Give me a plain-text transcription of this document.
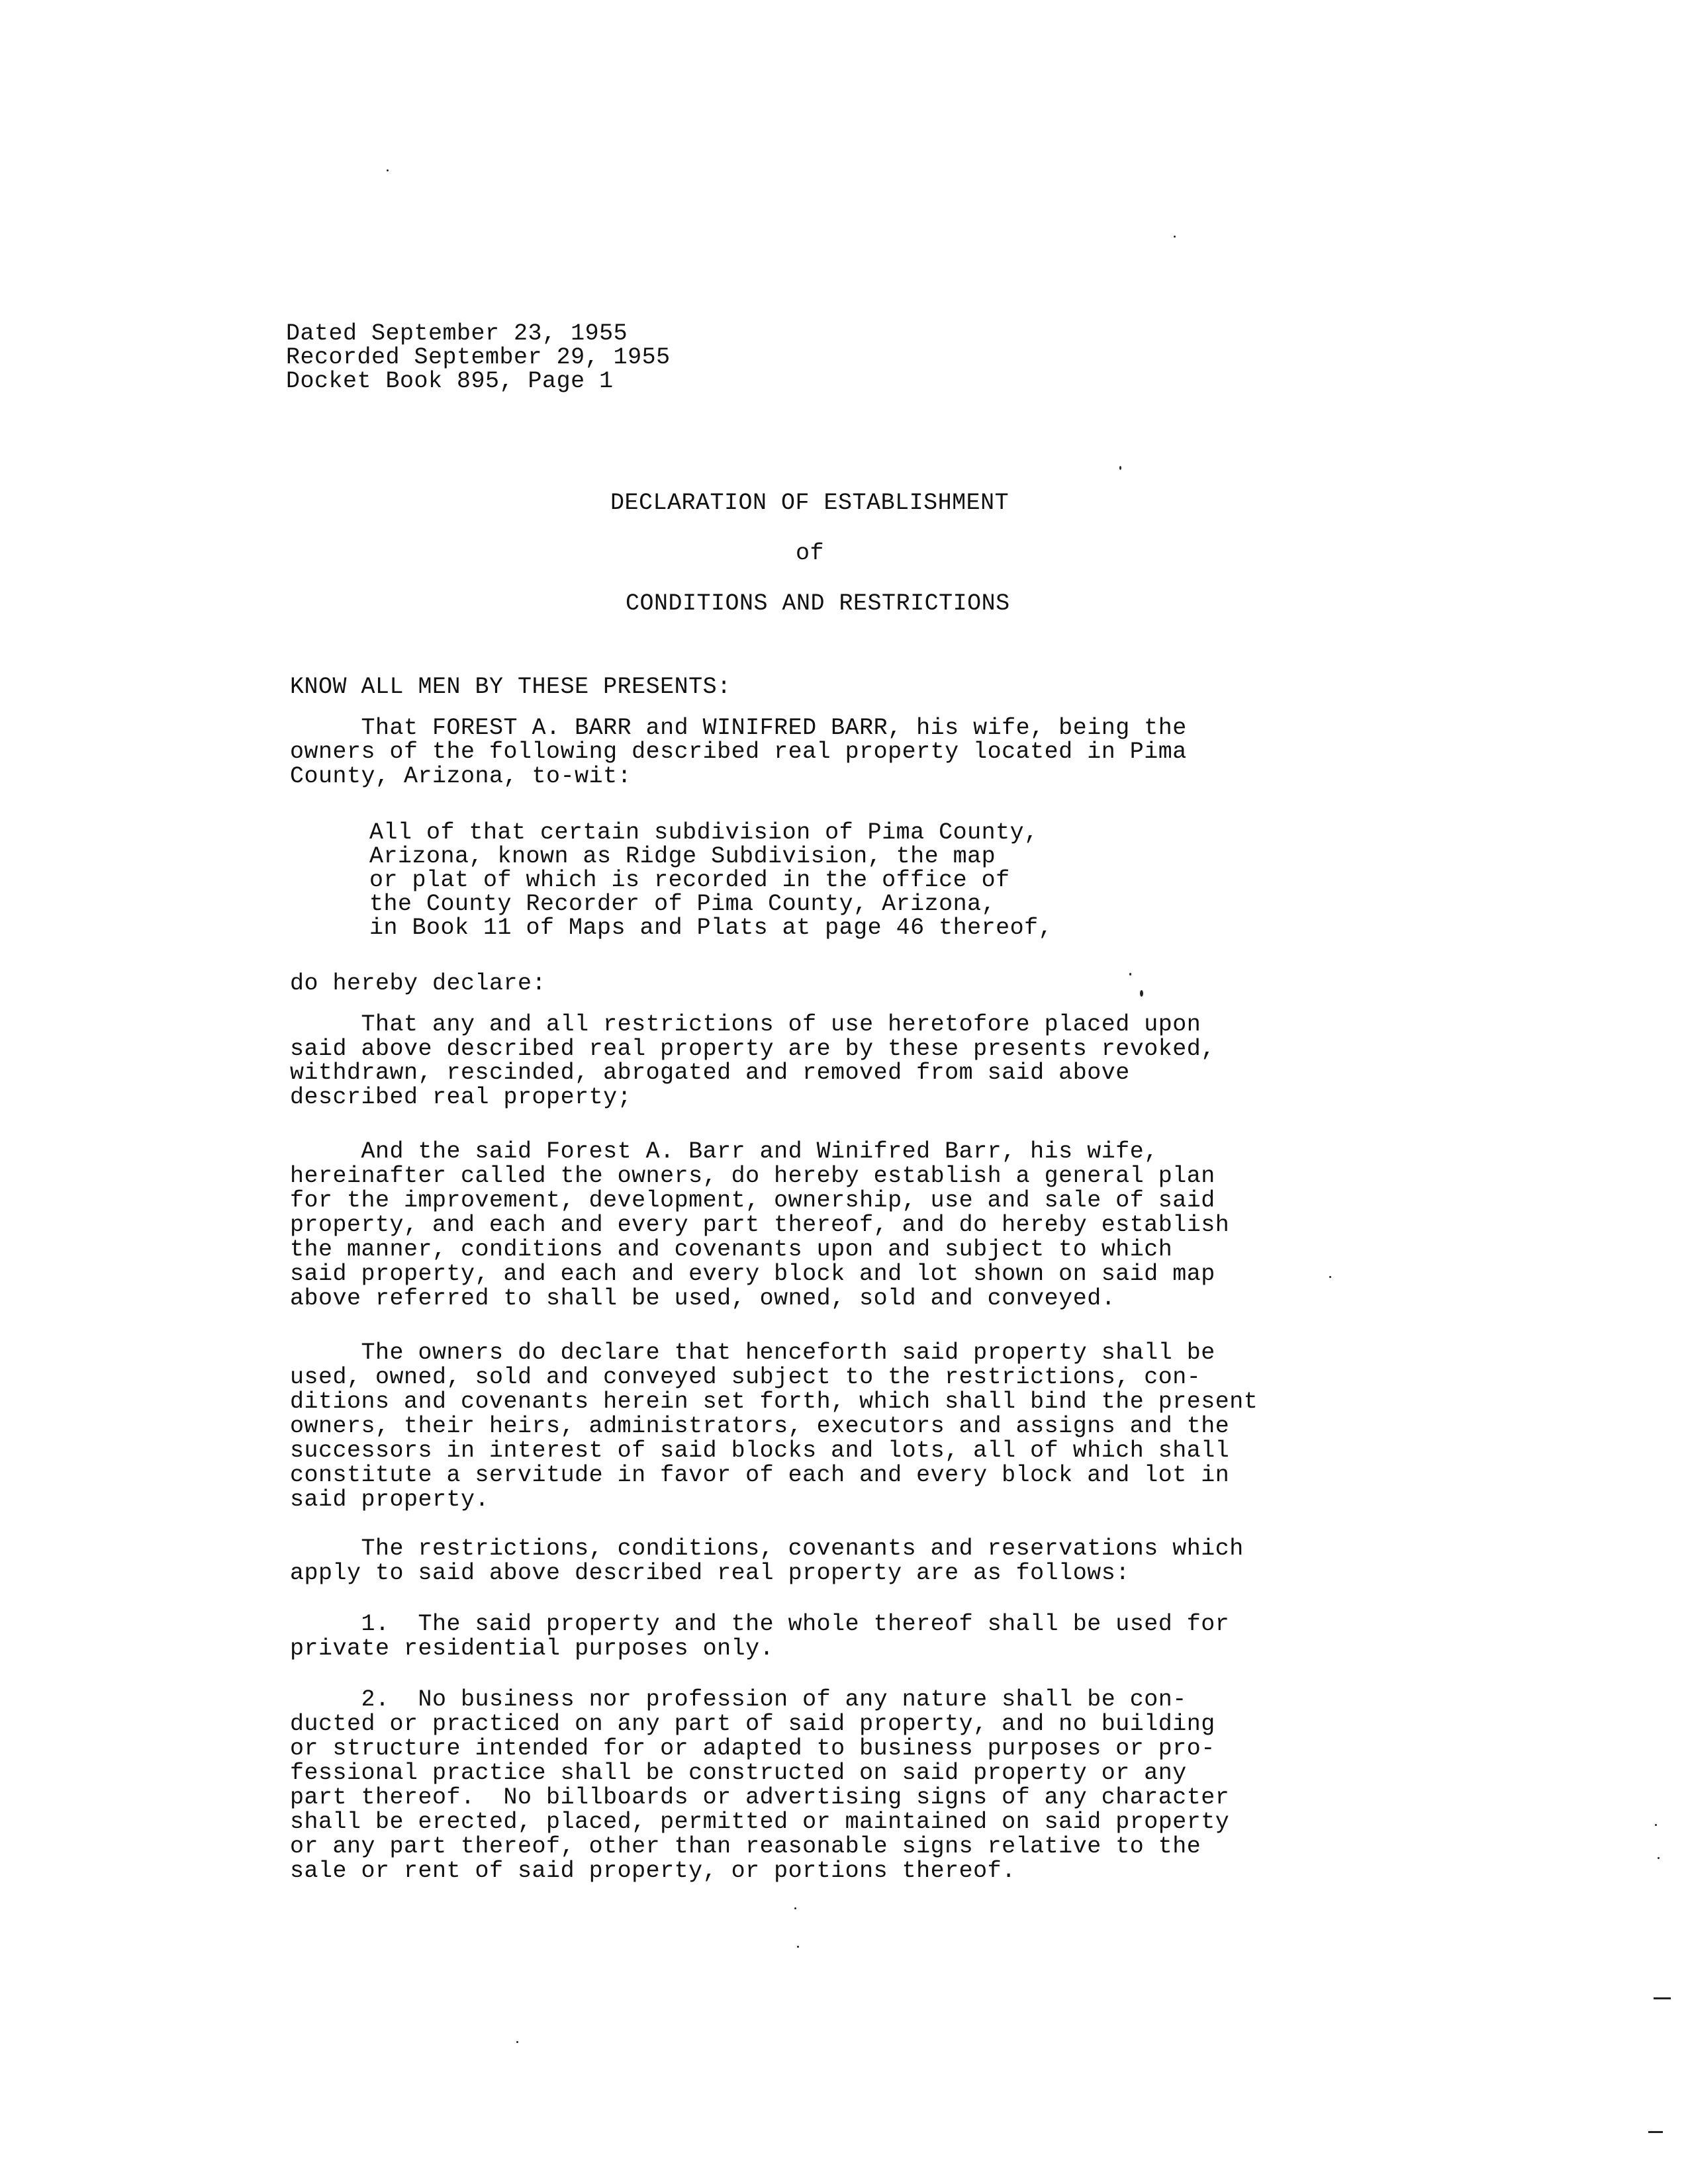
Dated September 23, 1955
Recorded September 29, 1955
Docket Book 895, Page 1
DECLARATION OF ESTABLISHMENT
of
CONDITIONS AND RESTRICTIONS
KNOW ALL MEN BY THESE PRESENTS:
That FOREST A. BARR and WINIFRED BARR, his wife, being the
owners of the following described real property located in Pima
County, Arizona, to-wit:
All of that certain subdivision of Pima County,
Arizona, known as Ridge Subdivision, the map
or plat of which is recorded in the office of
the County Recorder of Pima County, Arizona,
in Book 11 of Maps and Plats at page 46 thereof,
do hereby declare:
That any and all restrictions of use heretofore placed upon
said above described real property are by these presents revoked,
withdrawn, rescinded, abrogated and removed from said above
described real property;
And the said Forest A. Barr and Winifred Barr, his wife,
hereinafter called the owners, do hereby establish a general plan
for the improvement, development, ownership, use and sale of said
property, and each and every part thereof, and do hereby establish
the manner, conditions and covenants upon and subject to which
said property, and each and every block and lot shown on said map
above referred to shall be used, owned, sold and conveyed.
The owners do declare that henceforth said property shall be
used, owned, sold and conveyed subject to the restrictions, con-
ditions and covenants herein set forth, which shall bind the present
owners, their heirs, administrators, executors and assigns and the
successors in interest of said blocks and lots, all of which shall
constitute a servitude in favor of each and every block and lot in
said property.
The restrictions, conditions, covenants and reservations which
apply to said above described real property are as follows:
1.  The said property and the whole thereof shall be used for
private residential purposes only.
2.  No business nor profession of any nature shall be con-
ducted or practiced on any part of said property, and no building
or structure intended for or adapted to business purposes or pro-
fessional practice shall be constructed on said property or any
part thereof.  No billboards or advertising signs of any character
shall be erected, placed, permitted or maintained on said property
or any part thereof, other than reasonable signs relative to the
sale or rent of said property, or portions thereof.
